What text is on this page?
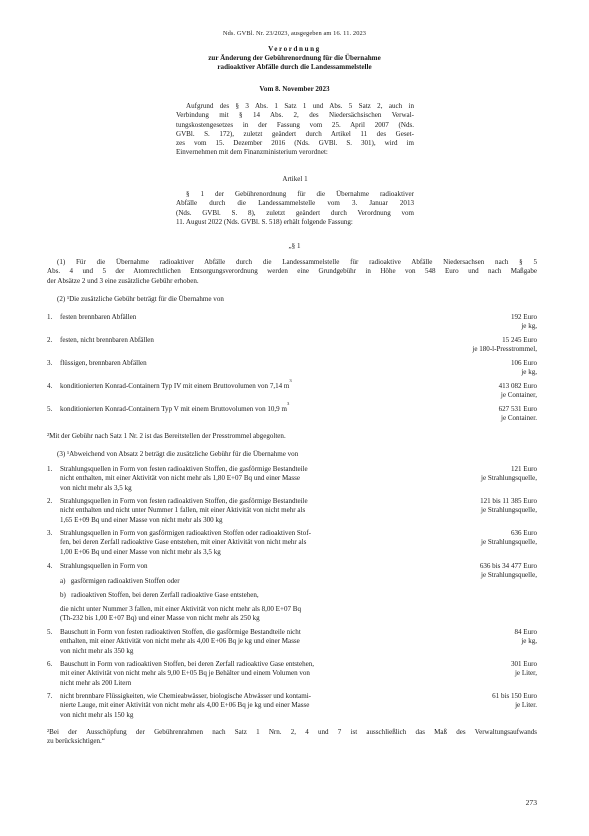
Nds. GVBl. Nr. 23/2023, ausgegeben am 16. 11. 2023
Verordnung
zur Änderung der Gebührenordnung für die Übernahme
radioaktiver Abfälle durch die Landessammelstelle
Vom 8. November 2023
Aufgrund des § 3 Abs. 1 Satz 1 und Abs. 5 Satz 2, auch in
Verbindung mit § 14 Abs. 2, des Niedersächsischen Verwal-
tungskostengesetzes in der Fassung vom 25. April 2007 (Nds.
GVBl. S. 172), zuletzt geändert durch Artikel 11 des Geset-
zes vom 15. Dezember 2016 (Nds. GVBl. S. 301), wird im
Einvernehmen mit dem Finanzministerium verordnet:
Artikel 1
§ 1 der Gebührenordnung für die Übernahme radioaktiver
Abfälle durch die Landessammelstelle vom 3. Januar 2013
(Nds. GVBl. S. 8), zuletzt geändert durch Verordnung vom
11. August 2022 (Nds. GVBl. S. 518) erhält folgende Fassung:
„§ 1
(1) Für die Übernahme radioaktiver Abfälle durch die Landessammelstelle für radioaktive Abfälle Niedersachsen nach § 5
Abs. 4 und 5 der Atomrechtlichen Entsorgungsverordnung werden eine Grundgebühr in Höhe von 548 Euro und nach Maßgabe
der Absätze 2 und 3 eine zusätzliche Gebühr erhoben.
(2) ¹Die zusätzliche Gebühr beträgt für die Übernahme von
1. festen brennbaren Abfällen	192 Euro
je kg,
2. festen, nicht brennbaren Abfällen	15 245 Euro
je 180-l-Presstrommel,
3. flüssigen, brennbaren Abfällen	106 Euro
je kg,
4. konditionierten Konrad-Containern Typ IV mit einem Bruttovolumen von 7,14 $m^3$
413 082 Euro
je Container,
5. konditionierten Konrad-Containern Typ V mit einem Bruttovolumen von 10,9 $m^3$
627 531 Euro
je Container.
²Mit der Gebühr nach Satz 1 Nr. 2 ist das Bereitstellen der Presstrommel abgegolten.
(3) ¹Abweichend von Absatz 2 beträgt die zusätzliche Gebühr für die Übernahme von
1. Strahlungsquellen in Form von festen radioaktiven Stoffen, die gasförmige Bestandteile
nicht enthalten, mit einer Aktivität von nicht mehr als 1,80 E+07 Bq und einer Masse
von nicht mehr als 3,5 kg
121 Euro
je Strahlungsquelle,
2. Strahlungsquellen in Form von festen radioaktiven Stoffen, die gasförmige Bestandteile
nicht enthalten und nicht unter Nummer 1 fallen, mit einer Aktivität von nicht mehr als
1,65 E+09 Bq und einer Masse von nicht mehr als 300 kg
121 bis 11 385 Euro
je Strahlungsquelle,
3. Strahlungsquellen in Form von gasförmigen radioaktiven Stoffen oder radioaktiven Stof-
fen, bei deren Zerfall radioaktive Gase entstehen, mit einer Aktivität von nicht mehr als
1,00 E+06 Bq und einer Masse von nicht mehr als 3,5 kg
636 Euro
je Strahlungsquelle,
4. Strahlungsquellen in Form von	636 bis 34 477 Euro
je Strahlungsquelle,
a) gasförmigen radioaktiven Stoffen oder
b) radioaktiven Stoffen, bei deren Zerfall radioaktive Gase entstehen,
die nicht unter Nummer 3 fallen, mit einer Aktivität von nicht mehr als 8,00 E+07 Bq
(Th-232 bis 1,00 E+07 Bq) und einer Masse von nicht mehr als 250 kg
5. Bauschutt in Form von festen radioaktiven Stoffen, die gasförmige Bestandteile nicht
enthalten, mit einer Aktivität von nicht mehr als 4,00 E+06 Bq je kg und einer Masse
von nicht mehr als 350 kg
84 Euro
je kg,
6. Bauschutt in Form von radioaktiven Stoffen, bei deren Zerfall radioaktive Gase entstehen,
mit einer Aktivität von nicht mehr als 9,00 E+05 Bq je Behälter und einem Volumen von
nicht mehr als 200 Litern
301 Euro
je Liter,
7. nicht brennbare Flüssigkeiten, wie Chemieabwässer, biologische Abwässer und kontami-
nierte Lauge, mit einer Aktivität von nicht mehr als 4,00 E+06 Bq je kg und einer Masse
von nicht mehr als 150 kg
61 bis 150 Euro
je Liter.
²Bei der Ausschöpfung der Gebührenrahmen nach Satz 1 Nrn. 2, 4 und 7 ist ausschließlich das Maß des Verwaltungsaufwands
zu berücksichtigen.“
273
